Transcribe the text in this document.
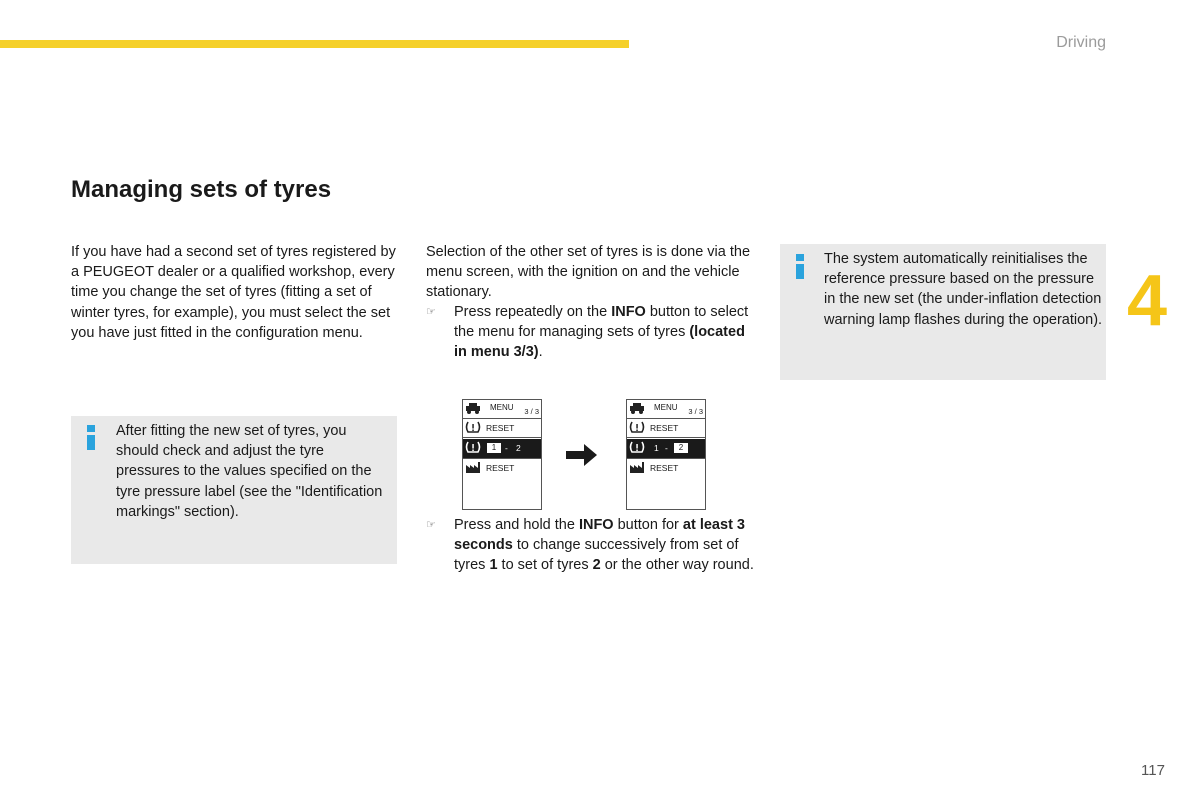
Driving
4
Managing sets of tyres

If you have had a second set of tyres registered by a PEUGEOT dealer or a qualified workshop, every time you change the set of tyres (fitting a set of winter tyres, for example), you must select the set you have just fitted in the configuration menu.

After fitting the new set of tyres, you should check and adjust the tyre pressures to the values specified on the tyre pressure label (see the "Identification markings" section).

Selection of the other set of tyres is is done via the menu screen, with the ignition on and the vehicle stationary.

☞ Press repeatedly on the INFO button to select the menu for managing sets of tyres (located in menu 3/3).
MENU 3 / 3
RESET
1	- 2
RESET
MENU 3 / 3
RESET
1 -	2
RESET
☞ Press and hold the INFO button for at least 3 seconds to change successively from set of tyres 1 to set of tyres 2 or the other way round.
The system automatically reinitialises the reference pressure based on the pressure in the new set (the under-inflation detection warning lamp flashes during the operation).
117
